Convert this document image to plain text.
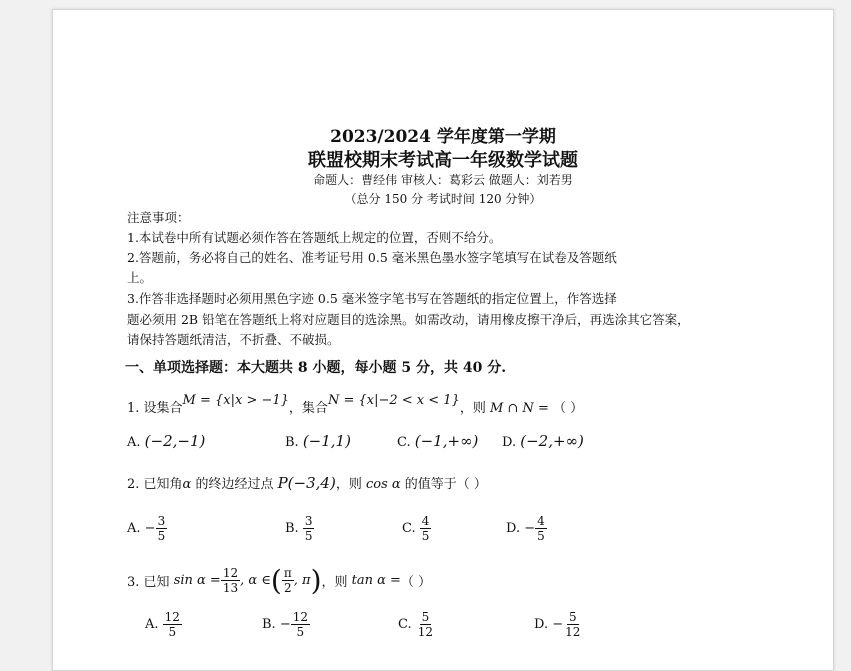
2023/2024 学年度第一学期
联盟校期末考试高一年级数学试题
命题人：曹经伟 审核人：葛彩云 做题人：刘若男
（总分 150 分 考试时间 120 分钟）
注意事项：
1.本试卷中所有试题必须作答在答题纸上规定的位置，否则不给分。
2.答题前，务必将自己的姓名、准考证号用 0.5 毫米黑色墨水签字笔填写在试卷及答题纸
上。
3.作答非选择题时必须用黑色字迹 0.5 毫米签字笔书写在答题纸的指定位置上，作答选择
题必须用 2B 铅笔在答题纸上将对应题目的选涂黑。如需改动，请用橡皮擦干净后，再选涂其它答案，
请保持答题纸清洁，不折叠、不破损。
一、单项选择题：本大题共 8 小题，每小题 5 分，共 40 分.
1. 设集合M = {x|x > −1}，集合N = {x|−2 < x < 1}，则 M ∩ N = （ ）
A. (−2,−1)	B. (−1,1)	C. (−1,+∞) D. (−2,+∞)
2. 已知角α 的终边经过点 P(−3,4)，则 cos α 的值等于（ ）
A.
− $\frac{3}{5}$	B.
$\frac{3}{5}$	C.
$\frac{4}{5}$	D.
− $\frac{4}{5}$
3. 已知
$\sin \alpha = \frac{12}{13}$ , α ∈ ( $\frac{\pi}{2}$ , π ) ，则
tan α = （ ）
A.
$\frac{12}{5}$	B.
− $\frac{12}{5}$	C.
$\frac{5}{12}$	D.
− $\frac{5}{12}$
